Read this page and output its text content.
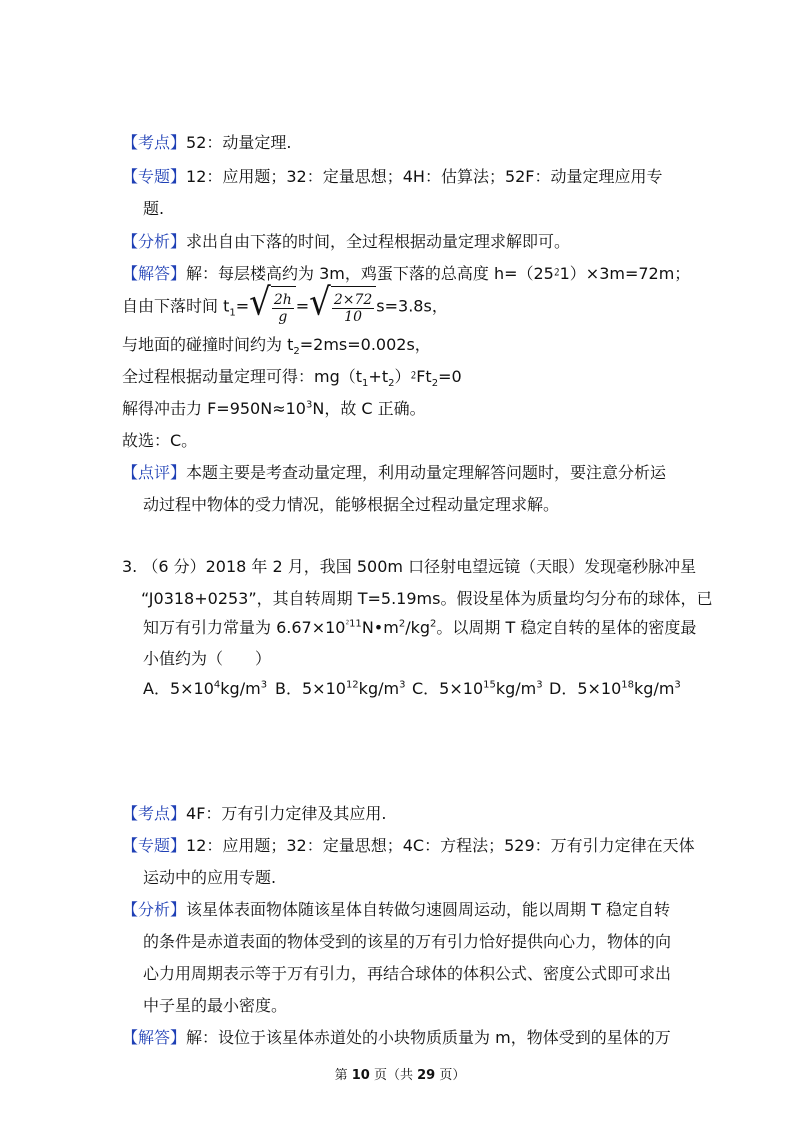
【考点】52：动量定理.
【专题】12：应用题；32：定量思想；4H：估算法；52F：动量定理应用专
题.
【分析】求出自由下落的时间，全过程根据动量定理求解即可。
【解答】解：每层楼高约为 3m，鸡蛋下落的总高度 h=（25⁲1）×3m=72m；
自由下落时间 $t_1=$ √ $\frac{2h}{g}$ = √ $\frac{2\times 72}{10} s=3.8s$，
与地面的碰撞时间约为 $t_2=2ms=0.002s$，
全过程根据动量定理可得：$mg(t_1+t_2)⁲Ft_2=0$
解得冲击力 $F=950N\approx 10^3N$，故 C 正确。
故选：C。
【点评】本题主要是考查动量定理，利用动量定理解答问题时，要注意分析运
动过程中物体的受力情况，能够根据全过程动量定理求解。
3. （6 分）2018 年 2 月，我国 500m 口径射电望远镜（天眼）发现毫秒脉冲星
“J0318+0253”，其自转周期 T=5.19ms。假设星体为质量均匀分布的球体，已
知万有引力常量为 $6.67\times 10^{⁲11}N•m^2/kg^2$。以周期 T 稳定自转的星体的密度最
小值约为（　　）
A．$5\times 10^4kg/m^3$ B．$5\times 10^{12}kg/m^3$ C．$5\times 10^{15}kg/m^3$ D．$5\times 10^{18}kg/m^3$
【考点】4F：万有引力定律及其应用.
【专题】12：应用题；32：定量思想；4C：方程法；529：万有引力定律在天体
运动中的应用专题.
【分析】该星体表面物体随该星体自转做匀速圆周运动，能以周期 T 稳定自转
的条件是赤道表面的物体受到的该星的万有引力恰好提供向心力，物体的向
心力用周期表示等于万有引力，再结合球体的体积公式、密度公式即可求出
中子星的最小密度。
【解答】解：设位于该星体赤道处的小块物质质量为 m，物体受到的星体的万
第 10 页（共 29 页）
